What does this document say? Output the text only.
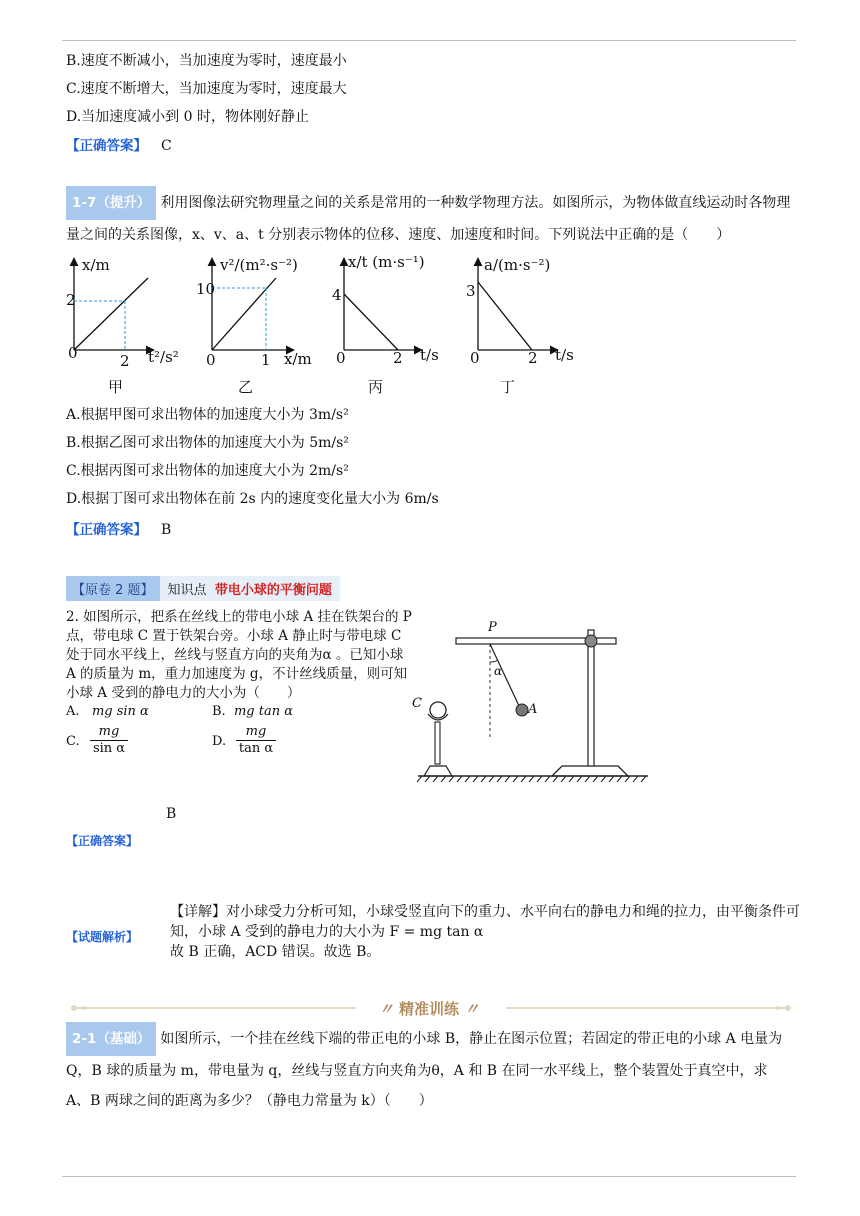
B.速度不断减小，当加速度为零时，速度最小
C.速度不断增大，当加速度为零时，速度最大
D.当加速度减小到 0 时，物体刚好静止
【正确答案】 C
1-7（提升） 利用图像法研究物理量之间的关系是常用的一种数学物理方法。如图所示，为物体做直线运动时各物理量之间的关系图像，x、v、a、t 分别表示物体的位移、速度、加速度和时间。下列说法中正确的是（　　）
x/m
2
0	2 t²/s²
甲
v²/(m²·s⁻²)
10
0	1 x/m
乙
x/t (m·s⁻¹)
4
0	2 t/s
丙
a/(m·s⁻²)
3
0	2 t/s
丁
A.根据甲图可求出物体的加速度大小为 3m/s²
B.根据乙图可求出物体的加速度大小为 5m/s²
C.根据丙图可求出物体的加速度大小为 2m/s²
D.根据丁图可求出物体在前 2s 内的速度变化量大小为 6m/s
【正确答案】 B
【原卷 2 题】	知识点 带电小球的平衡问题
2. 如图所示，把系在丝线上的带电小球 A 挂在铁架台的 P 点，带电球 C 置于铁架台旁。小球 A 静止时与带电球 C 处于同水平线上，丝线与竖直方向的夹角为α 。已知小球 A 的质量为 m，重力加速度为 g，不计丝线质量，则可知小球 A 受到的静电力的大小为（　　）
A. mg sin α	B. mg tan α
C.
mg
sin α	D.
mg
tan α
P
α
A
C
B
【正确答案】
【试题解析】
【详解】对小球受力分析可知，小球受竖直向下的重力、水平向右的静电力和绳的拉力，由平衡条件可知，小球 A 受到的静电力的大小为 F = mg tan α
故 B 正确，ACD 错误。故选 B。
〃 精准训练 〃
2-1（基础） 如图所示，一个挂在丝线下端的带正电的小球 B，静止在图示位置；若固定的带正电的小球 A 电量为 Q，B 球的质量为 m，带电量为 q，丝线与竖直方向夹角为θ，A 和 B 在同一水平线上，整个装置处于真空中，求 A、B 两球之间的距离为多少？（静电力常量为 k）（　　）
